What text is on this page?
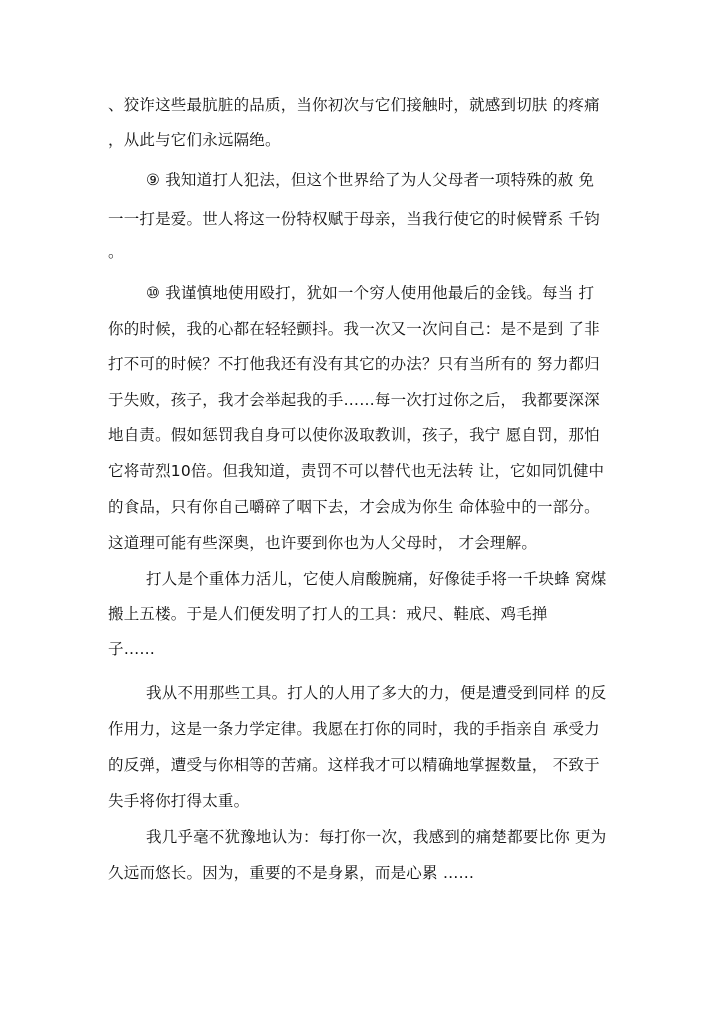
、狡诈这些最肮脏的品质，当你初次与它们接触时，就感到切肤 的疼痛
，从此与它们永远隔绝。
⑨ 我知道打人犯法，但这个世界给了为人父母者一项特殊的赦 免
一一打是爱。世人将这一份特权赋于母亲，当我行使它的时候臂系 千钧
。
⑩ 我谨慎地使用殴打，犹如一个穷人使用他最后的金钱。每当 打
你的时候，我的心都在轻轻颤抖。我一次又一次问自己：是不是到 了非
打不可的时候？不打他我还有没有其它的办法？只有当所有的 努力都归
于失败，孩子，我才会举起我的手……每一次打过你之后， 我都要深深
地自责。假如惩罚我自身可以使你汲取教训，孩子，我宁 愿自罚，那怕
它将苛烈10倍。但我知道，责罚不可以替代也无法转 让，它如同饥健中
的食品，只有你自己嚼碎了咽下去，才会成为你生 命体验中的一部分。
这道理可能有些深奥，也许要到你也为人父母时， 才会理解。
打人是个重体力活儿，它使人肩酸腕痛，好像徒手将一千块蜂 窝煤
搬上五楼。于是人们便发明了打人的工具：戒尺、鞋底、鸡毛掸
子……
我从不用那些工具。打人的人用了多大的力，便是遭受到同样 的反
作用力，这是一条力学定律。我愿在打你的同时，我的手指亲自 承受力
的反弹，遭受与你相等的苦痛。这样我才可以精确地掌握数量， 不致于
失手将你打得太重。
我几乎毫不犹豫地认为：每打你一次，我感到的痛楚都要比你 更为
久远而悠长。因为，重要的不是身累，而是心累 ……
